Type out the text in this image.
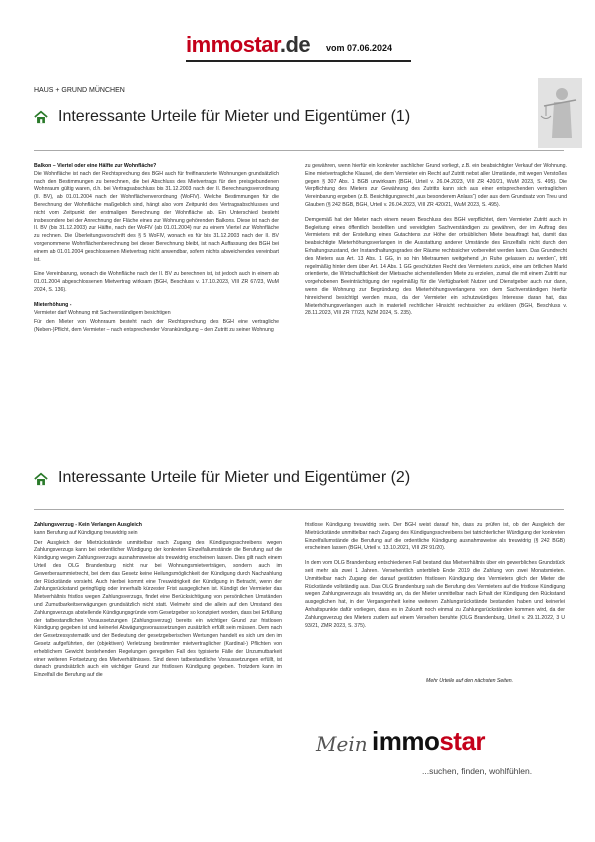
immostar.de vom 07.06.2024
HAUS + GRUND MÜNCHEN
Interessante Urteile für Mieter und Eigentümer (1)

Balkon – Viertel oder eine Hälfte zur Wohnfläche?

Die Wohnfläche ist nach der Rechtsprechung des BGH auch für freifinanzierte Wohnungen grundsätzlich nach den Bestimmungen zu berechnen, die bei Abschluss des Mietvertrags für den preisgebundenen Wohnraum gültig waren, d.h. bei Vertragsabschluss bis 31.12.2003 nach der II. Berechnungsverordnung (II. BV), ab 01.01.2004 nach der Wohnflächenverordnung (WoFlV). Welche Bestimmungen für die Berechnung der Wohnfläche maßgeblich sind, hängt also vom Zeitpunkt des Vertragsabschlusses und nicht vom Zeitpunkt der erstmaligen Berechnung der Wohnfläche ab. Ein Unterschied besteht insbesondere bei der Anrechnung der Fläche eines zur Wohnung gehörenden Balkons. Diese ist nach der II. BV (bis 31.12.2003) zur Hälfte, nach der WoFlV (ab 01.01.2004) nur zu einem Viertel zur Wohnfläche zu rechnen. Die Überleitungsvorschrift des § 5 WoFlV, wonach es für bis 31.12.2003 nach der II. BV vorgenommene Wohnflächenberechnung bei dieser Berechnung bleibt, ist nach Auffassung des BGH bei einem ab 01.01.2004 geschlossenen Mietvertrag nicht anwendbar, sofern nichts abweichendes vereinbart ist.

Eine Vereinbarung, wonach die Wohnfläche nach der II. BV zu berechnen ist, ist jedoch auch in einem ab 01.01.2004 abgeschlossenen Mietvertrag wirksam (BGH, Beschluss v. 17.10.2023, VIII ZR 67/23, WuM 2024, S. 136).

Mieterhöhung -

Vermieter darf Wohnung mit Sachverständigem besichtigen

Für den Mieter von Wohnraum besteht nach der Rechtsprechung des BGH eine vertragliche (Neben-)Pflicht, dem Vermieter – nach entsprechender Vorankündigung – den Zutritt zu seiner Wohnung

zu gewähren, wenn hierfür ein konkreter sachlicher Grund vorliegt, z.B. ein beabsichtigter Verkauf der Wohnung. Eine mietvertragliche Klausel, die dem Vermieter ein Recht auf Zutritt nebst aller Umstände, mit wegen Verstoßes gegen § 307 Abs. 1 BGB unwirksam (BGH, Urteil v. 26.04.2023, VIII ZR 420/21, WuM 2023, S. 495). Die Verpflichtung des Mieters zur Gewährung des Zutritts kann sich aus einer entsprechenden vertraglichen Vereinbarung ergeben (z.B. Besichtigungsrecht „aus besonderem Anlass“) oder aus dem Grundsatz von Treu und Glauben (§ 242 BGB, BGH, Urteil v. 26.04.2023, VIII ZR 420/21, WuM 2023, S. 495).

Demgemäß hat der Mieter nach einem neuen Beschluss des BGH verpflichtet, dem Vermieter Zutritt auch in Begleitung eines öffentlich bestellten und vereidigten Sachverständigen zu gewähren, der im Auftrag des Vermieters mit der Erstellung eines Gutachtens zur Höhe der ortsüblichen Miete beauftragt hat, damit das beabsichtigte Mieterhöhungsverlangen in die Ausstattung anderer Umstände des Einzelfalls nicht durch den Erhaltungszustand, der Instandhaltungsgrades der Räume rechtssicher vorbereitet werden kann. Das Grundrecht des Mieters aus Art. 13 Abs. 1 GG, in so hin Mietraumen weitgehend „in Ruhe gelassen zu werden“, tritt regelmäßig hinter dem über Art. 14 Abs. 1 GG geschützten Recht des Vermieters zurück, eine am örtlichen Markt orientierte, die Wirtschaftlichkeit der Mietsache sicherstellenden Miete zu erzielen, zumal die mit einem Zutritt nur vorgehobenen Beeinträchtigung der regelmäßig für die Verfügbarkeit Nutzer und Dienstgeber auch nur dann, wenn die Wohnung zur Begründung des Mieterhöhungsverlangens von dem Sachverständigen hierfür hinreichend besichtigt werden muss, da der Vermieter ein schutzwürdiges Interesse daran hat, das Mieterhöhungsverlangen auch in materiell rechtlicher Hinsicht rechtssicher zu erklären (BGH, Beschluss v. 28.11.2023, VIII ZR 77/23, NZM 2024, S. 235).

Interessante Urteile für Mieter und Eigentümer (2)

Zahlungsverzug - Kein Verlangen Ausgleich

kann Berufung auf Kündigung treuwidrig sein

Der Ausgleich der Mietrückstände unmittelbar nach Zugang des Kündigungsschreibens wegen Zahlungsverzugs kann bei ordentlicher Würdigung der konkreten Einzelfallumstände die Berufung auf die Kündigung wegen Zahlungsverzugs ausnahmsweise als treuwidrig erscheinen lassen. Dies gilt nach einem Urteil des OLG Brandenburg nicht nur bei Wohnungsmietverträgen, sondern auch im Gewerberaummietrecht, bei dem das Gesetz keine Heilungsmöglichkeit der Kündigung durch Nachzahlung der Rückstände vorsieht. Auch hierbei kommt eine Treuwidrigkeit der Kündigung in Betracht, wenn der Zahlungsrückstand geringfügig oder innerhalb kürzester Frist ausgeglichen ist. Kündigt der Vermieter das Mietverhältnis fristlos wegen Zahlungsverzugs, findet eine Berücksichtigung von persönlichen Umständen und Zumutbarkeitserwägungen grundsätzlich nicht statt. Vielmehr sind die allein auf den Umstand des Zahlungsverzugs abstellende Kündigungsgründe vom Gesetzgeber so konzipiert worden, dass bei Erfüllung der tatbestandlichen Voraussetzungen (Zahlungsverzug) bereits ein wichtiger Grund zur fristlosen Kündigung gegeben ist und keinerlei Abwägungsvoraussetzungen zusätzlich erfüllt sein müssen. Dem nach der Gesetzessystematik und der Bedeutung der gesetzgeberischen Wertungen handelt es sich um den im Gesetz aufgeführten, der (objektiven) Verletzung bestimmter mietvertraglicher (Kardinal-) Pflichten von erheblichem Gewicht bestehenden Regelungen geregelten Fall des typisierte Fälle der Unzumutbarkeit einer weiteren Fortsetzung des Mietverhältnisses. Sind deren tatbestandliche Voraussetzungen erfüllt, ist danach grundsätzlich auch ein wichtiger Grund zur fristlosen Kündigung gegeben. Trotzdem kann im Einzelfall die Berufung auf die

fristlose Kündigung treuwidrig sein. Der BGH weist darauf hin, dass zu prüfen ist, ob der Ausgleich der Mietrückstände unmittelbar nach Zugang des Kündigungsschreibens bei tatrichterlicher Würdigung der konkreten Einzelfallumstände die Berufung auf die ordentliche Kündigung ausnahmsweise als treuwidrig (§ 242 BGB) erscheinen lassen (BGH, Urteil v. 13.10.2021, VIII ZR 91/20).

In dem vom OLG Brandenburg entschiedenen Fall bestand das Mietverhältnis über ein gewerbliches Grundstück seit mehr als zwei 1 Jahren. Versehentlich unterblieb Ende 2019 die Zahlung von zwei Monatsmieten. Unmittelbar nach Zugang der darauf gestützten fristlosen Kündigung des Vermieters glich der Mieter die Rückstände vollständig aus. Das OLG Brandenburg sah die Berufung des Vermieters auf die fristlose Kündigung wegen Zahlungsverzugs als treuwidrig an, da der Mieter unmittelbar nach Erhalt der Kündigung den Rückstand ausgeglichen hat, in der Vergangenheit keine weiteren Zahlungsrückstände bestanden haben und keinerlei Anhaltspunkte dafür vorliegen, dass es in Zukunft noch einmal zu Zahlungsrückständen kommen wird, da der Zahlungsverzug des Mieters zudem auf einem Versehen beruhte (OLG Brandenburg, Urteil v. 29.11.2022, 3 U 93/21, ZMR 2023, S. 375).

Mehr Urteile auf den nächsten Seiten.
Mein immostar
...suchen, finden, wohlfühlen.
